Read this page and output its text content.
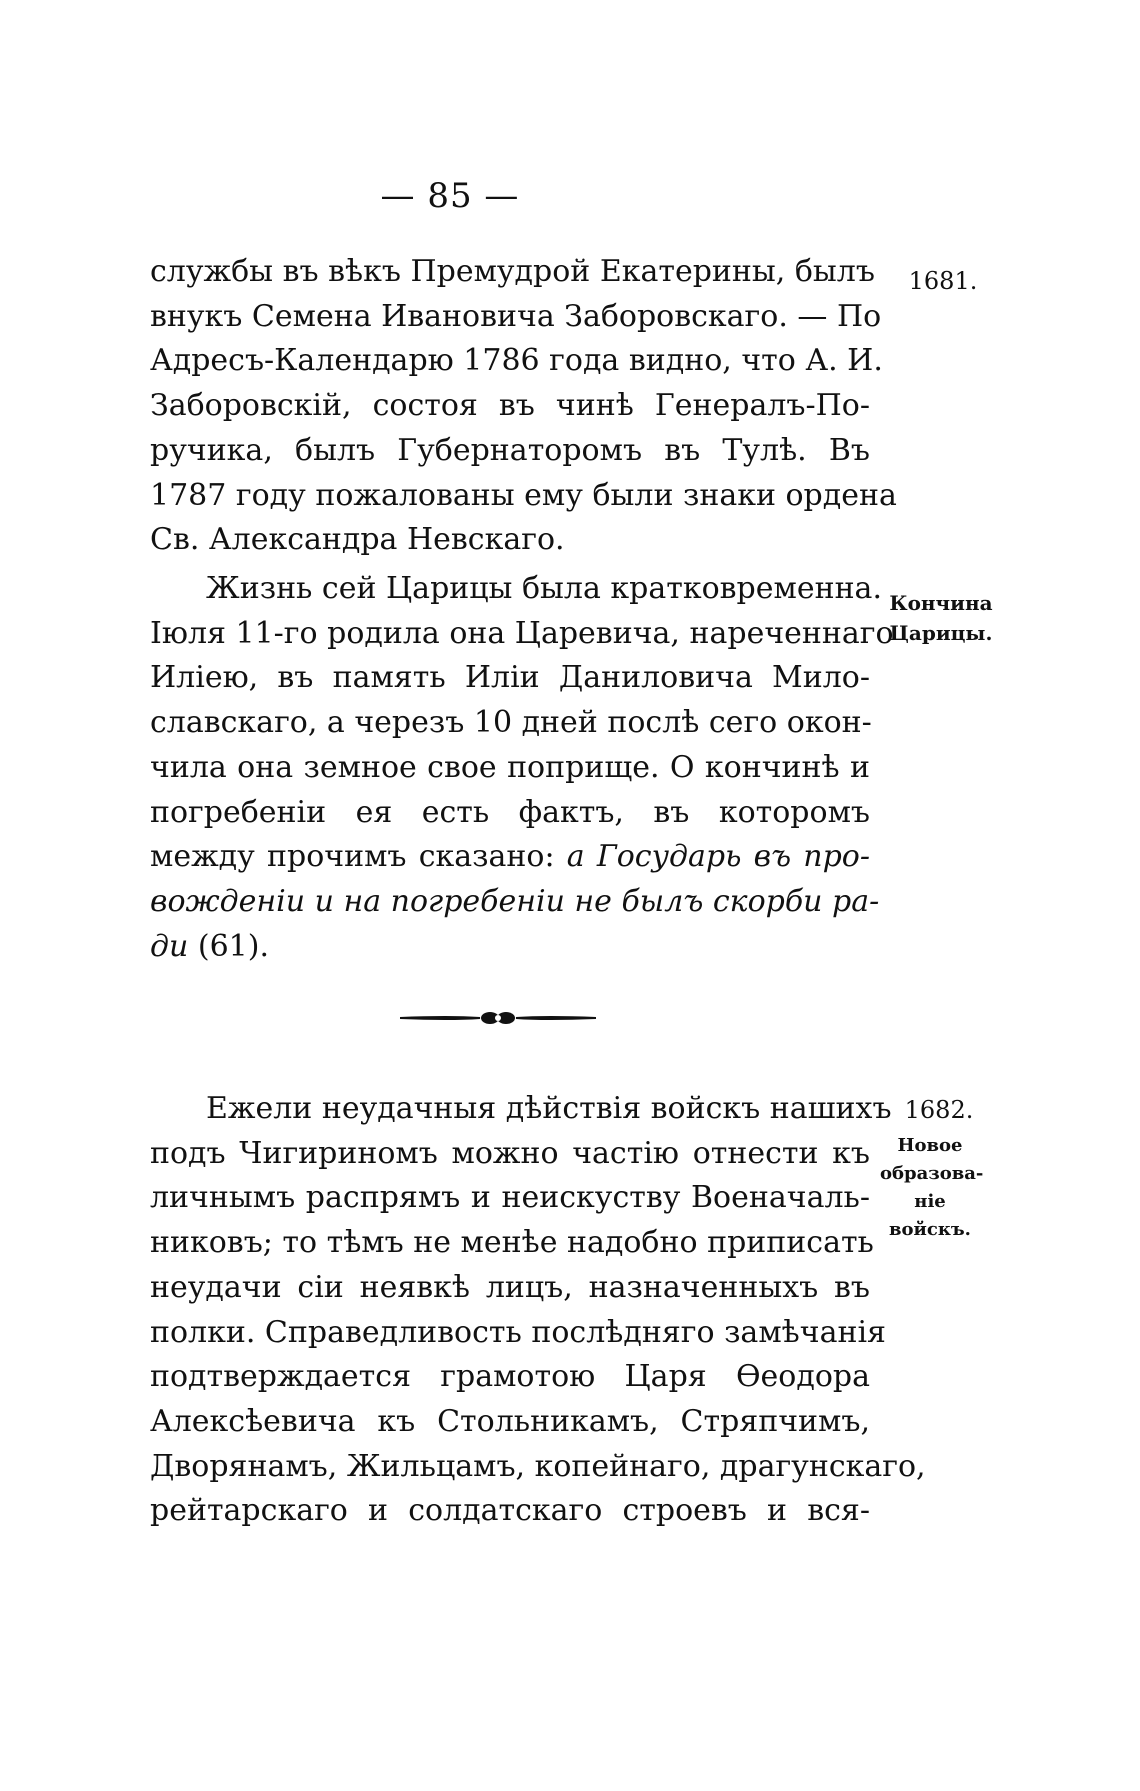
— 85 —
службы въ вѣкъ Премудрой Екатерины, былъ
внукъ Семена Ивановича Заборовскаго. — По
Адресъ-Календарю 1786 года видно, что А. И.
Заборовскій, состоя въ чинѣ Генералъ-По-
ручика, былъ Губернаторомъ въ Тулѣ. Въ
1787 году пожалованы ему были знаки ордена
Св. Александра Невскаго.
Жизнь сей Царицы была кратковременна.
Іюля 11-го родила она Царевича, нареченнаго
Иліею, въ память Иліи Даниловича Мило-
славскаго, а черезъ 10 дней послѣ сего окон-
чила она земное свое поприще. О кончинѣ и
погребеніи ея есть фактъ, въ которомъ
между прочимъ сказано: а Государь въ про-
вожденіи и на погребеніи не былъ скорби ра-
ди (61).
Ежели неудачныя дѣйствія войскъ нашихъ
подъ Чигириномъ можно частію отнести къ
личнымъ распрямъ и неискуству Военачаль-
никовъ; то тѣмъ не менѣе надобно приписать
неудачи сіи неявкѣ лицъ, назначенныхъ въ
полки. Справедливость послѣдняго замѣчанія
подтверждается грамотою Царя Ѳеодора
Алексѣевича къ Стольникамъ, Стряпчимъ,
Дворянамъ, Жильцамъ, копейнаго, драгунскаго,
рейтарскаго и солдатскаго строевъ и вся-
1681.
Кончина
Царицы.
1682.
Новое
образова-
ніе
войскъ.
